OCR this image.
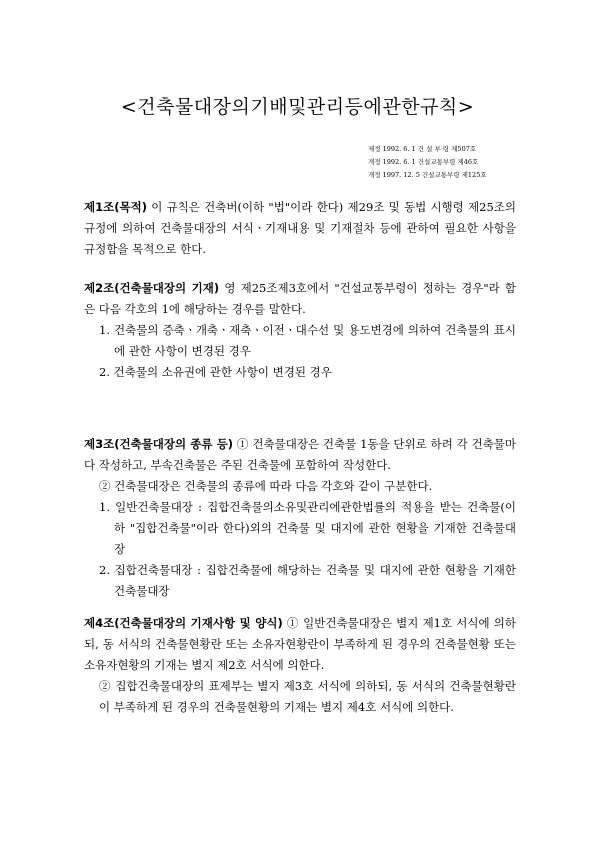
<건축물대장의기배및관리등에관한규칙>
제정 1992. 6. 1 건 설 부 령 제507호
개정 1992. 6. 1 건설교통부령 제46호
개정 1997. 12. 5 건설교통부령 제125호

제1조(목적) 이 규칙은 건축버(이하 "법"이라 한다) 제29조 및 동법 시행령 제25조의 규정에 의하여 건축물대장의 서식ㆍ기재내용 및 기재절차 등에 관하여 필요한 사항을 규정함을 목적으로 한다.

제2조(건축물대장의 기재) 영 제25조제3호에서 "건설교통부령이 정하는 경우"라 함은 다음 각호의 1에 해당하는 경우를 말한다.

1. 건축물의 증축ㆍ개축ㆍ재축ㆍ이전ㆍ대수선 및 용도변경에 의하여 건축물의 표시에 관한 사항이 변경된 경우

2. 건축물의 소유권에 관한 사항이 변경된 경우

제3조(건축물대장의 종류 등) ① 건축물대장은 건축물 1동을 단위로 하려 각 건축물마다 작성하고, 부속건축물은 주된 건축물에 포함하여 작성한다.

② 건축물대장은 건축물의 종류에 따라 다음 각호와 같이 구분한다.

1. 일반건축물대장 : 집합건축물의소유및관리에관한법률의 적용을 받는 건축물(이하 "집합건축물"이라 한다)외의 건축물 및 대지에 관한 현황을 기재한 건축물대장

2. 집합건축물대장 : 집합건축물에 해당하는 건축물 및 대지에 관한 현황을 기재한 건축물대장

제4조(건축물대장의 기재사항 및 양식) ① 일반건축물대장은 별지 제1호 서식에 의하되, 동 서식의 건축물현황란 또는 소유자현황란이 부족하게 된 경우의 건축물현황 또는 소유자현황의 기재는 별지 제2호 서식에 의한다.

② 집합건축물대장의 표제부는 별지 제3호 서식에 의하되, 동 서식의 건축물현황란이 부족하게 된 경우의 건축물현황의 기재는 별지 제4호 서식에 의한다.
